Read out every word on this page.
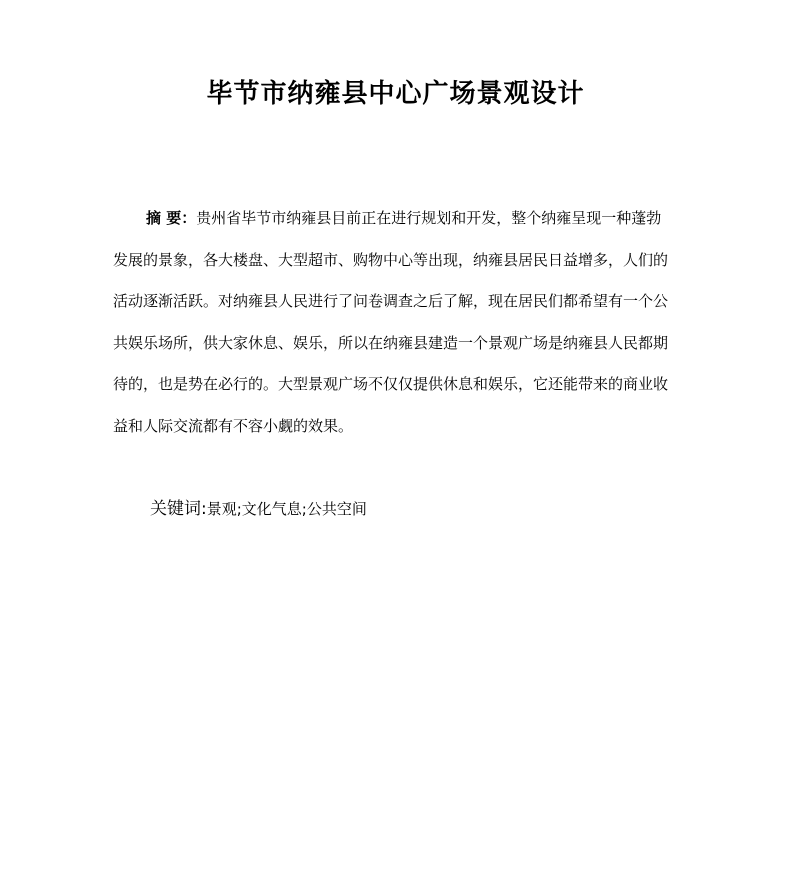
毕节市纳雍县中心广场景观设计
摘 要：贵州省毕节市纳雍县目前正在进行规划和开发，整个纳雍呈现一种蓬勃
发展的景象，各大楼盘、大型超市、购物中心等出现，纳雍县居民日益增多，人们的
活动逐渐活跃。对纳雍县人民进行了问卷调查之后了解，现在居民们都希望有一个公
共娱乐场所，供大家休息、娱乐，所以在纳雍县建造一个景观广场是纳雍县人民都期
待的，也是势在必行的。大型景观广场不仅仅提供休息和娱乐，它还能带来的商业收
益和人际交流都有不容小觑的效果。
关键词:景观;文化气息;公共空间
